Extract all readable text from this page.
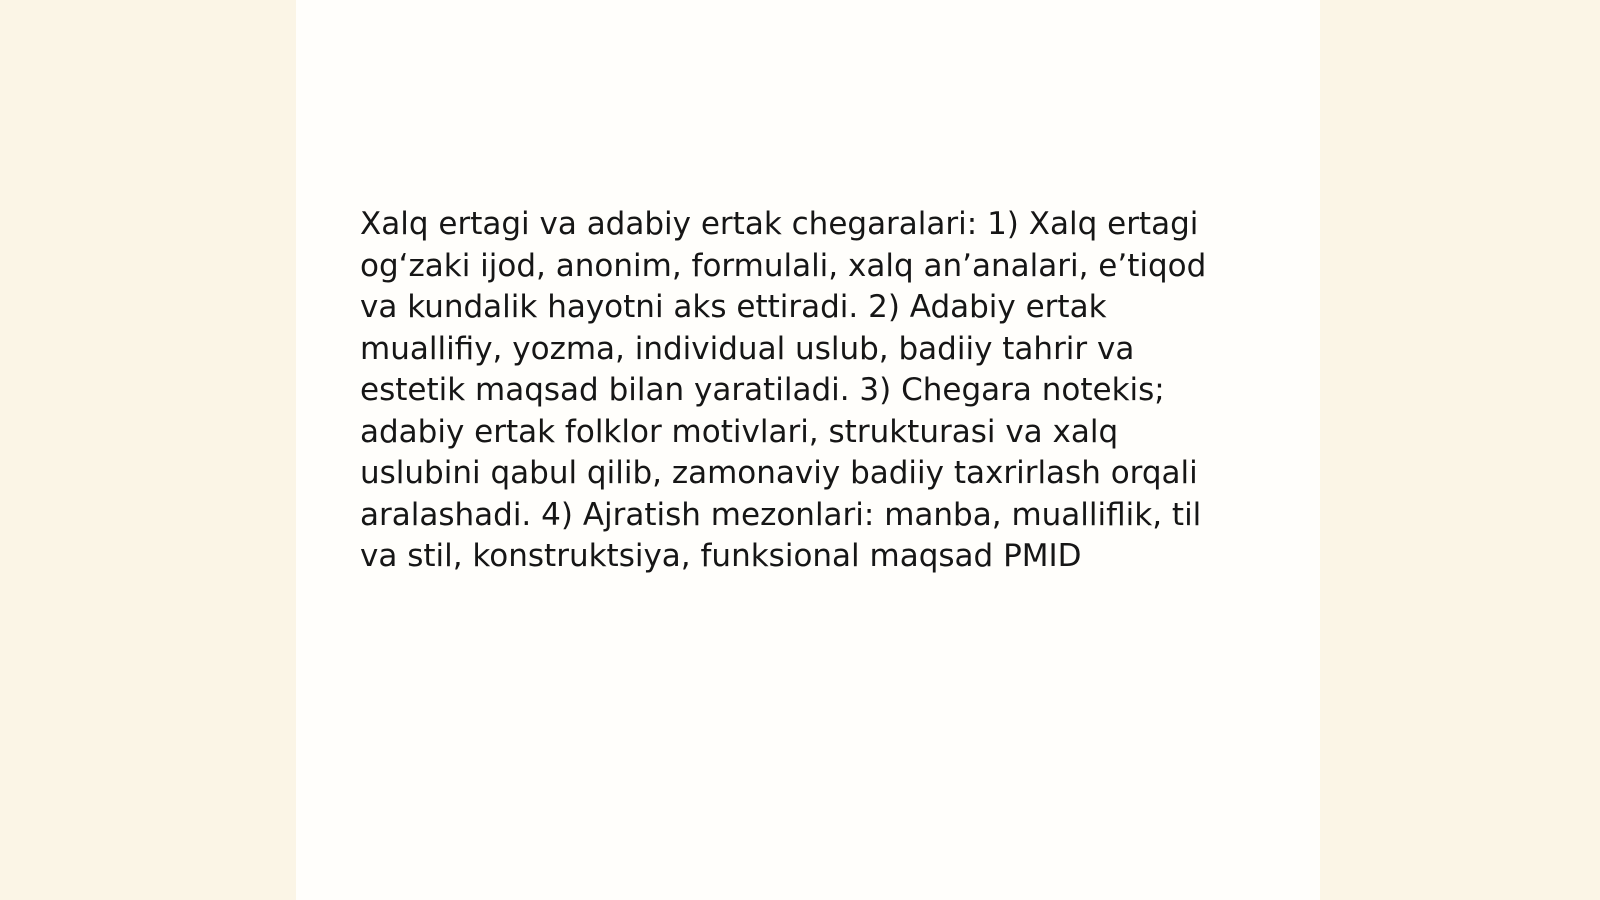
Xalq ertagi va adabiy ertak chegaralari: 1) Xalq ertagi
og‘zaki ijod, anonim, formulali, xalq an’analari, e’tiqod
va kundalik hayotni aks ettiradi. 2) Adabiy ertak
muallifiy, yozma, individual uslub, badiiy tahrir va
estetik maqsad bilan yaratiladi. 3) Chegara notekis;
adabiy ertak folklor motivlari, strukturasi va xalq
uslubini qabul qilib, zamonaviy badiiy taxrirlash orqali
aralashadi. 4) Ajratish mezonlari: manba, mualliflik, til
va stil, konstruktsiya, funksional maqsad PMID
